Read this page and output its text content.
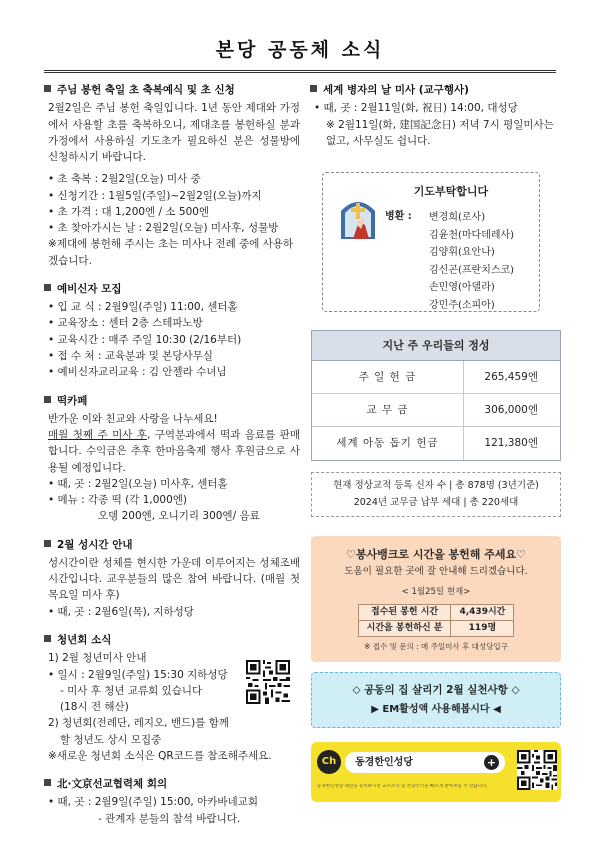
본당 공동체 소식
주님 봉헌 축일 초 축복예식 및 초 신청
2월2일은 주님 봉헌 축일입니다. 1년 동안 제대와 가정에서 사용할 초를 축복하오니, 제대초를 봉헌하실 분과 가정에서 사용하실 기도초가 필요하신 분은 성물방에 신청하시기 바랍니다.
• 초 축복 : 2월2일(오늘) 미사 중
• 신청기간 : 1월5일(주일)~2월2일(오늘)까지
• 초 가격 : 대 1,200엔 / 소 500엔
• 초 찾아가시는 날 : 2월2일(오늘) 미사후, 성물방
※제대에 봉헌해 주시는 초는 미사나 전례 중에 사용하겠습니다.
예비신자 모집
• 입 교 식 : 2월9일(주일) 11:00, 센터홀
• 교육장소 : 센터 2층 스테파노방
• 교육시간 : 매주 주일 10:30 (2/16부터)
• 접 수 처 : 교육분과 및 본당사무실
• 예비신자교리교육 : 김 안젤라 수녀님
떡카페
반가운 이와 친교와 사랑을 나누세요!
매월 첫째 주 미사 후, 구역분과에서 떡과 음료를 판매합니다. 수익금은 추후 한마음축제 행사 후원금으로 사용될 예정입니다.
• 때, 곳 : 2월2일(오늘) 미사후, 센터홀
• 메뉴 : 각종 떡 (각 1,000엔)
오뎅 200엔, 오니기리 300엔/ 음료
2월 성시간 안내
성시간이란 성체를 현시한 가운데 이루어지는 성체조배 시간입니다. 교우분들의 많은 참여 바랍니다. (매월 첫 목요일 미사 후)
• 때, 곳 : 2월6일(목), 지하성당
청년회 소식
1) 2월 청년미사 안내
• 일시 : 2월9일(주일) 15:30 지하성당
- 미사 후 청년 교류회 있습니다
(18시 전 해산)
2) 청년회(전례단, 레지오, 밴드)를 함께
할 청년도 상시 모집중
※새로운 청년회 소식은 QR코드를 참조해주세요.
北·文京선교협력체 회의
• 때, 곳 : 2월9일(주일) 15:00, 아카바네교회
- 관계자 분들의 참석 바랍니다.
세계 병자의 날 미사 (교구행사)
• 때, 곳 : 2월11일(화, 祝日) 14:00, 대성당
※ 2월11일(화, 建国記念日) 저녁 7시 평일미사는 없고, 사무실도 쉽니다.
기도부탁합니다
병환 : 변경희(로사)
김윤천(마다데레사)
김양휘(요안나)
김신곤(프란치스코)
손민영(아델라)
강민주(소피아)
지난 주 우리들의 정성
주 일 헌 금	265,459엔
교 무 금	306,000엔
세계 아동 돕기 헌금	121,380엔
현재 정상교적 등록 신자 수 | 총 878명 (3년기준)
2024년 교무금 납부 세대 | 총 220세대
♡봉사뱅크로 시간을 봉헌해 주세요♡
도움이 필요한 곳에 잘 안내해 드리겠습니다.
< 1월25일 현재>
접수된 봉헌 시간	4,439시간
시간을 봉헌하신 분	119명
※ 접수 및 문의 : 매 주일미사 후 대성당입구
◇ 공동의 집 살리기 2월 실천사항 ◇
▶ EM활성액 사용해봅시다 ◀
Ch	동경한인성당	+
동경한인성당 채널을 등록하시면 교우소식 및 본당소식을 빠르게 받아보실 수 있습니다.
